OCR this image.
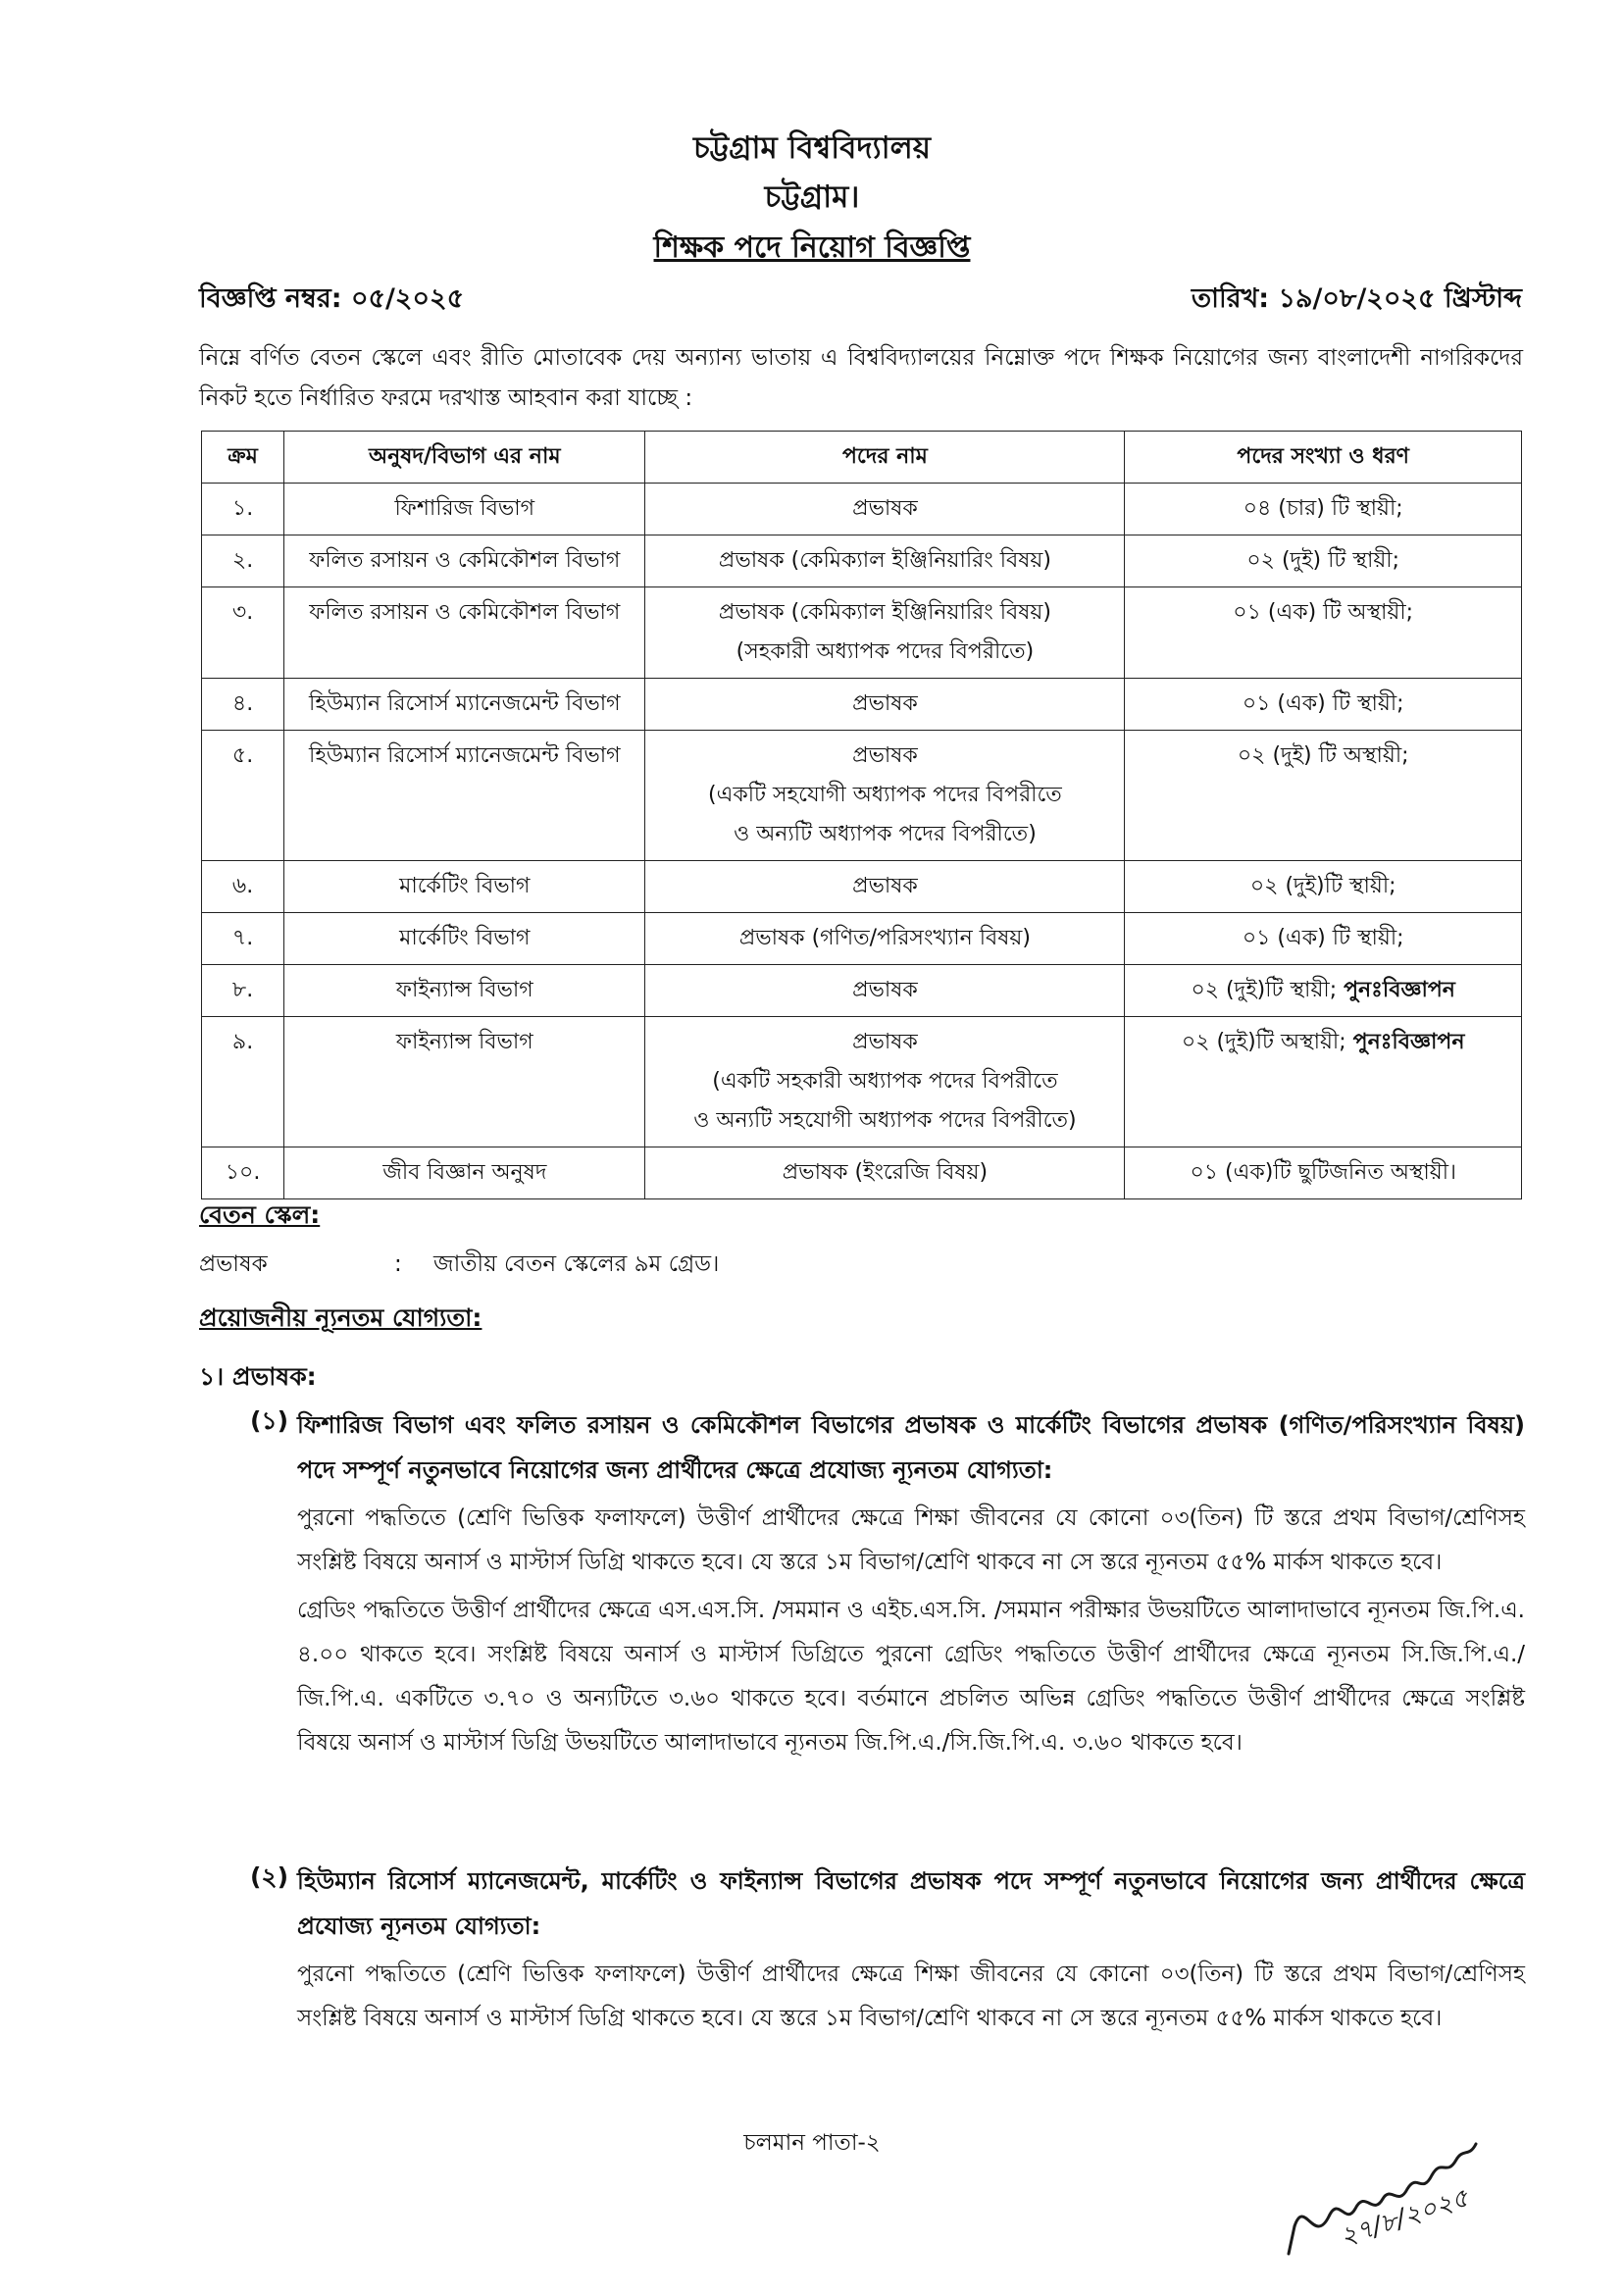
চট্টগ্রাম বিশ্ববিদ্যালয়
চট্টগ্রাম।
শিক্ষক পদে নিয়োগ বিজ্ঞপ্তি
বিজ্ঞপ্তি নম্বর: ০৫/২০২৫	তারিখ: ১৯/০৮/২০২৫ খ্রিস্টাব্দ

নিম্নে বর্ণিত বেতন স্কেলে এবং রীতি মোতাবেক দেয় অন্যান্য ভাতায় এ বিশ্ববিদ্যালয়ের নিম্নোক্ত পদে শিক্ষক নিয়োগের জন্য বাংলাদেশী নাগরিকদের নিকট হতে নির্ধারিত ফরমে দরখাস্ত আহবান করা যাচ্ছে :

ক্রম	অনুষদ/বিভাগ এর নাম	পদের নাম	পদের সংখ্যা ও ধরণ
১.	ফিশারিজ বিভাগ	প্রভাষক	০৪ (চার) টি স্থায়ী;
২.	ফলিত রসায়ন ও কেমিকৌশল বিভাগ	প্রভাষক (কেমিক্যাল ইঞ্জিনিয়ারিং বিষয়)	০২ (দুই) টি স্থায়ী;
৩.	ফলিত রসায়ন ও কেমিকৌশল বিভাগ	প্রভাষক (কেমিক্যাল ইঞ্জিনিয়ারিং বিষয়)
(সহকারী অধ্যাপক পদের বিপরীতে)	০১ (এক) টি অস্থায়ী;
৪.	হিউম্যান রিসোর্স ম্যানেজমেন্ট বিভাগ	প্রভাষক	০১ (এক) টি স্থায়ী;
৫.	হিউম্যান রিসোর্স ম্যানেজমেন্ট বিভাগ	প্রভাষক
(একটি সহযোগী অধ্যাপক পদের বিপরীতে
ও অন্যটি অধ্যাপক পদের বিপরীতে)	০২ (দুই) টি অস্থায়ী;
৬.	মার্কেটিং বিভাগ	প্রভাষক	০২ (দুই)টি স্থায়ী;
৭.	মার্কেটিং বিভাগ	প্রভাষক (গণিত/পরিসংখ্যান বিষয়)	০১ (এক) টি স্থায়ী;
৮.	ফাইন্যান্স বিভাগ	প্রভাষক	০২ (দুই)টি স্থায়ী; পুনঃবিজ্ঞাপন
৯.	ফাইন্যান্স বিভাগ	প্রভাষক
(একটি সহকারী অধ্যাপক পদের বিপরীতে
ও অন্যটি সহযোগী অধ্যাপক পদের বিপরীতে)	০২ (দুই)টি অস্থায়ী; পুনঃবিজ্ঞাপন
১০.	জীব বিজ্ঞান অনুষদ	প্রভাষক (ইংরেজি বিষয়)	০১ (এক)টি ছুটিজনিত অস্থায়ী।
বেতন স্কেল:
প্রভাষক	: জাতীয় বেতন স্কেলের ৯ম গ্রেড।
প্রয়োজনীয় ন্যূনতম যোগ্যতা:
১। প্রভাষক:
(১) ফিশারিজ বিভাগ এবং ফলিত রসায়ন ও কেমিকৌশল বিভাগের প্রভাষক ও মার্কেটিং বিভাগের প্রভাষক (গণিত/পরিসংখ্যান বিষয়) পদে সম্পূর্ণ নতুনভাবে নিয়োগের জন্য প্রার্থীদের ক্ষেত্রে প্রযোজ্য ন্যূনতম যোগ্যতা:

পুরনো পদ্ধতিতে (শ্রেণি ভিত্তিক ফলাফলে) উত্তীর্ণ প্রার্থীদের ক্ষেত্রে শিক্ষা জীবনের যে কোনো ০৩(তিন) টি স্তরে প্রথম বিভাগ/শ্রেণিসহ সংশ্লিষ্ট বিষয়ে অনার্স ও মাস্টার্স ডিগ্রি থাকতে হবে। যে স্তরে ১ম বিভাগ/শ্রেণি থাকবে না সে স্তরে ন্যূনতম ৫৫% মার্কস থাকতে হবে।

গ্রেডিং পদ্ধতিতে উত্তীর্ণ প্রার্থীদের ক্ষেত্রে এস.এস.সি. /সমমান ও এইচ.এস.সি. /সমমান পরীক্ষার উভয়টিতে আলাদাভাবে ন্যূনতম জি.পি.এ. ৪.০০ থাকতে হবে। সংশ্লিষ্ট বিষয়ে অনার্স ও মাস্টার্স ডিগ্রিতে পুরনো গ্রেডিং পদ্ধতিতে উত্তীর্ণ প্রার্থীদের ক্ষেত্রে ন্যূনতম সি.জি.পি.এ./জি.পি.এ. একটিতে ৩.৭০ ও অন্যটিতে ৩.৬০ থাকতে হবে। বর্তমানে প্রচলিত অভিন্ন গ্রেডিং পদ্ধতিতে উত্তীর্ণ প্রার্থীদের ক্ষেত্রে সংশ্লিষ্ট বিষয়ে অনার্স ও মাস্টার্স ডিগ্রি উভয়টিতে আলাদাভাবে ন্যূনতম জি.পি.এ./সি.জি.পি.এ. ৩.৬০ থাকতে হবে।

(২) হিউম্যান রিসোর্স ম্যানেজমেন্ট, মার্কেটিং ও ফাইন্যান্স বিভাগের প্রভাষক পদে সম্পূর্ণ নতুনভাবে নিয়োগের জন্য প্রার্থীদের ক্ষেত্রে প্রযোজ্য ন্যূনতম যোগ্যতা:

পুরনো পদ্ধতিতে (শ্রেণি ভিত্তিক ফলাফলে) উত্তীর্ণ প্রার্থীদের ক্ষেত্রে শিক্ষা জীবনের যে কোনো ০৩(তিন) টি স্তরে প্রথম বিভাগ/শ্রেণিসহ সংশ্লিষ্ট বিষয়ে অনার্স ও মাস্টার্স ডিগ্রি থাকতে হবে। যে স্তরে ১ম বিভাগ/শ্রেণি থাকবে না সে স্তরে ন্যূনতম ৫৫% মার্কস থাকতে হবে।

চলমান পাতা-২
২৭/৮/২০২৫
